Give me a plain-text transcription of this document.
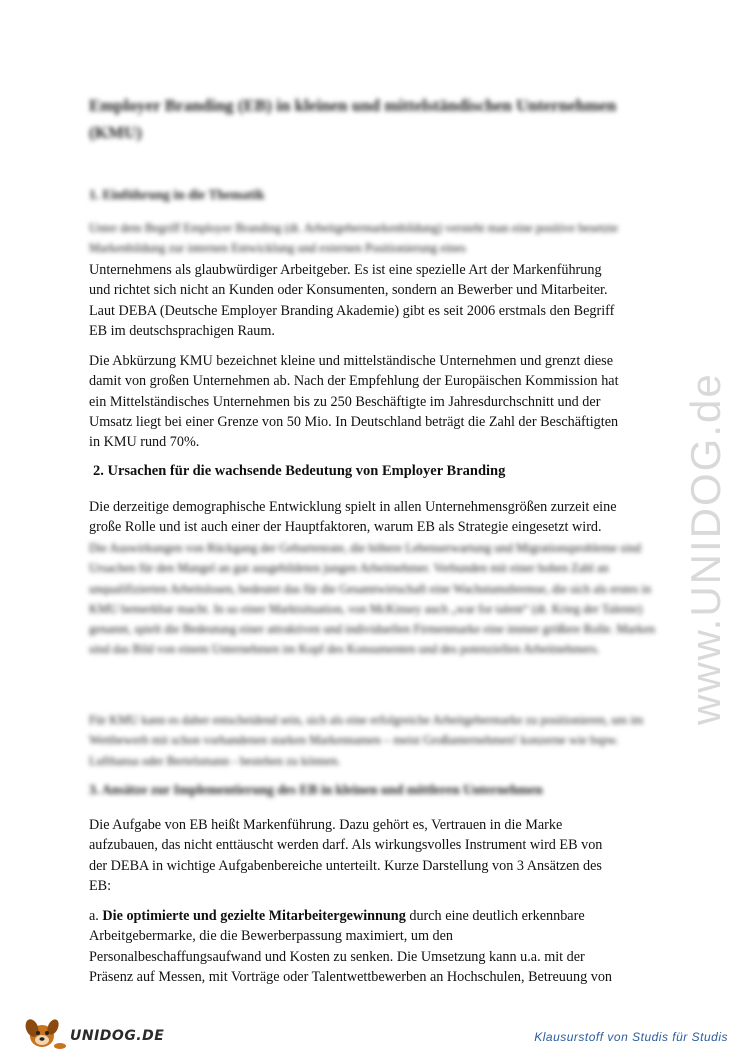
Employer Branding (EB) in kleinen und mittelständischen Unternehmen (KMU)
1. Einführung in die Thematik
Unter dem Begriff Employer Branding (dt. Arbeitgebermarkenbildung) versteht man eine positive besetzte Markenbildung zur internen Entwicklung und externen Positionierung eines

Unternehmens als glaubwürdiger Arbeitgeber. Es ist eine spezielle Art der Markenführung

und richtet sich nicht an Kunden oder Konsumenten, sondern an Bewerber und Mitarbeiter.

Laut DEBA (Deutsche Employer Branding Akademie) gibt es seit 2006 erstmals den Begriff

EB im deutschsprachigen Raum.

Die Abkürzung KMU bezeichnet kleine und mittelständische Unternehmen und grenzt diese

damit von großen Unternehmen ab. Nach der Empfehlung der Europäischen Kommission hat

ein Mittelständisches Unternehmen bis zu 250 Beschäftigte im Jahresdurchschnitt und der

Umsatz liegt bei einer Grenze von 50 Mio. In Deutschland beträgt die Zahl der Beschäftigten

in KMU rund 70%.

2. Ursachen für die wachsende Bedeutung von Employer Branding

Die derzeitige demographische Entwicklung spielt in allen Unternehmensgrößen zurzeit eine

große Rolle und ist auch einer der Hauptfaktoren, warum EB als Strategie eingesetzt wird.

Die Auswirkungen von Rückgang der Geburtenrate, die höhere Lebenserwartung und Migrationsprobleme sind Ursachen für den Mangel an gut ausgebildeten jungen Arbeitnehmer. Verbunden mit einer hohen Zahl an unqualifizierten Arbeitslosen, bedeutet das für die Gesamtwirtschaft eine Wachstumsbremse, die sich als erstes in KMU bemerkbar macht. In so einer Marktsituation, von McKinsey auch „war for talent“ (dt. Krieg der Talente) genannt, spielt die Bedeutung einer attraktiven und individuellen Firmenmarke eine immer größere Rolle. Marken sind das Bild von einem Unternehmen im Kopf des Konsumenten und des potenziellen Arbeitnehmers.
Für KMU kann es daher entscheidend sein, sich als eine erfolgreiche Arbeitgebermarke zu positionieren, um im Wettbewerb mit schon vorhandenen starken Markennamen – meist Großunternehmen! konzerne wie bspw. Lufthansa oder Bertelsmann - bestehen zu können.
3. Ansätze zur Implementierung des EB in kleinen und mittleren Unternehmen

Die Aufgabe von EB heißt Markenführung. Dazu gehört es, Vertrauen in die Marke

aufzubauen, das nicht enttäuscht werden darf. Als wirkungsvolles Instrument wird EB von

der DEBA in wichtige Aufgabenbereiche unterteilt. Kurze Darstellung von 3 Ansätzen des

EB:

a. Die optimierte und gezielte Mitarbeitergewinnung durch eine deutlich erkennbare

Arbeitgebermarke, die die Bewerberpassung maximiert, um den

Personalbeschaffungsaufwand und Kosten zu senken. Die Umsetzung kann u.a. mit der

Präsenz auf Messen, mit Vorträge oder Talentwettbewerben an Hochschulen, Betreuung von

www.UNIDOG.de
UNIDOG.DE	Klausurstoff von Studis für Studis
